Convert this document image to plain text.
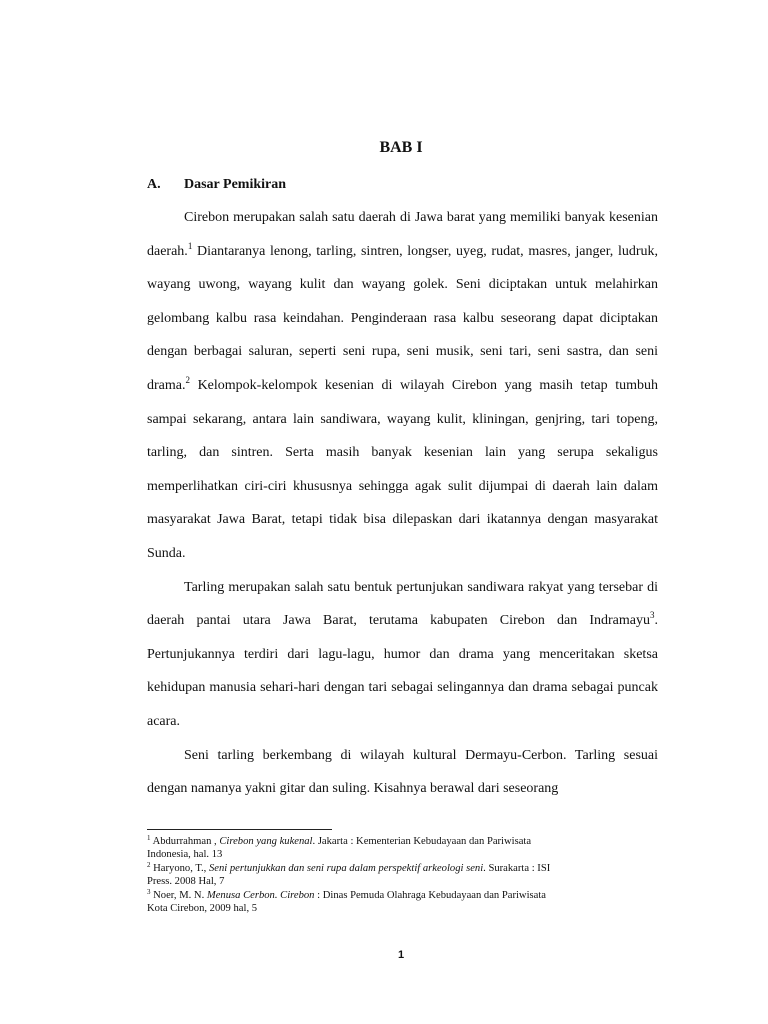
BAB I
A. Dasar Pemikiran

Cirebon merupakan salah satu daerah di Jawa barat yang memiliki banyak kesenian daerah.$^1$ Diantaranya lenong, tarling, sintren, longser, uyeg, rudat, masres, janger, ludruk, wayang uwong, wayang kulit dan wayang golek. Seni diciptakan untuk melahirkan gelombang kalbu rasa keindahan. Penginderaan rasa kalbu seseorang dapat diciptakan dengan berbagai saluran, seperti seni rupa, seni musik, seni tari, seni sastra, dan seni drama.$^2$ Kelompok-kelompok kesenian di wilayah Cirebon yang masih tetap tumbuh sampai sekarang, antara lain sandiwara, wayang kulit, kliningan, genjring, tari topeng, tarling, dan sintren. Serta masih banyak kesenian lain yang serupa sekaligus memperlihatkan ciri-ciri khususnya sehingga agak sulit dijumpai di daerah lain dalam masyarakat Jawa Barat, tetapi tidak bisa dilepaskan dari ikatannya dengan masyarakat Sunda.

Tarling merupakan salah satu bentuk pertunjukan sandiwara rakyat yang tersebar di daerah pantai utara Jawa Barat, terutama kabupaten Cirebon dan Indramayu$^3$. Pertunjukannya terdiri dari lagu-lagu, humor dan drama yang menceritakan sketsa kehidupan manusia sehari-hari dengan tari sebagai selingannya dan drama sebagai puncak acara.

Seni tarling berkembang di wilayah kultural Dermayu-Cerbon. Tarling sesuai dengan namanya yakni gitar dan suling. Kisahnya berawal dari seseorang

$^1$ Abdurrahman , Cirebon yang kukenal. Jakarta : Kementerian Kebudayaan dan Pariwisata Indonesia, hal. 13
$^2$ Haryono, T., Seni pertunjukkan dan seni rupa dalam perspektif arkeologi seni. Surakarta : ISI Press. 2008 Hal, 7
$^3$ Noer, M. N. Menusa Cerbon. Cirebon : Dinas Pemuda Olahraga Kebudayaan dan Pariwisata Kota Cirebon, 2009 hal, 5
1
